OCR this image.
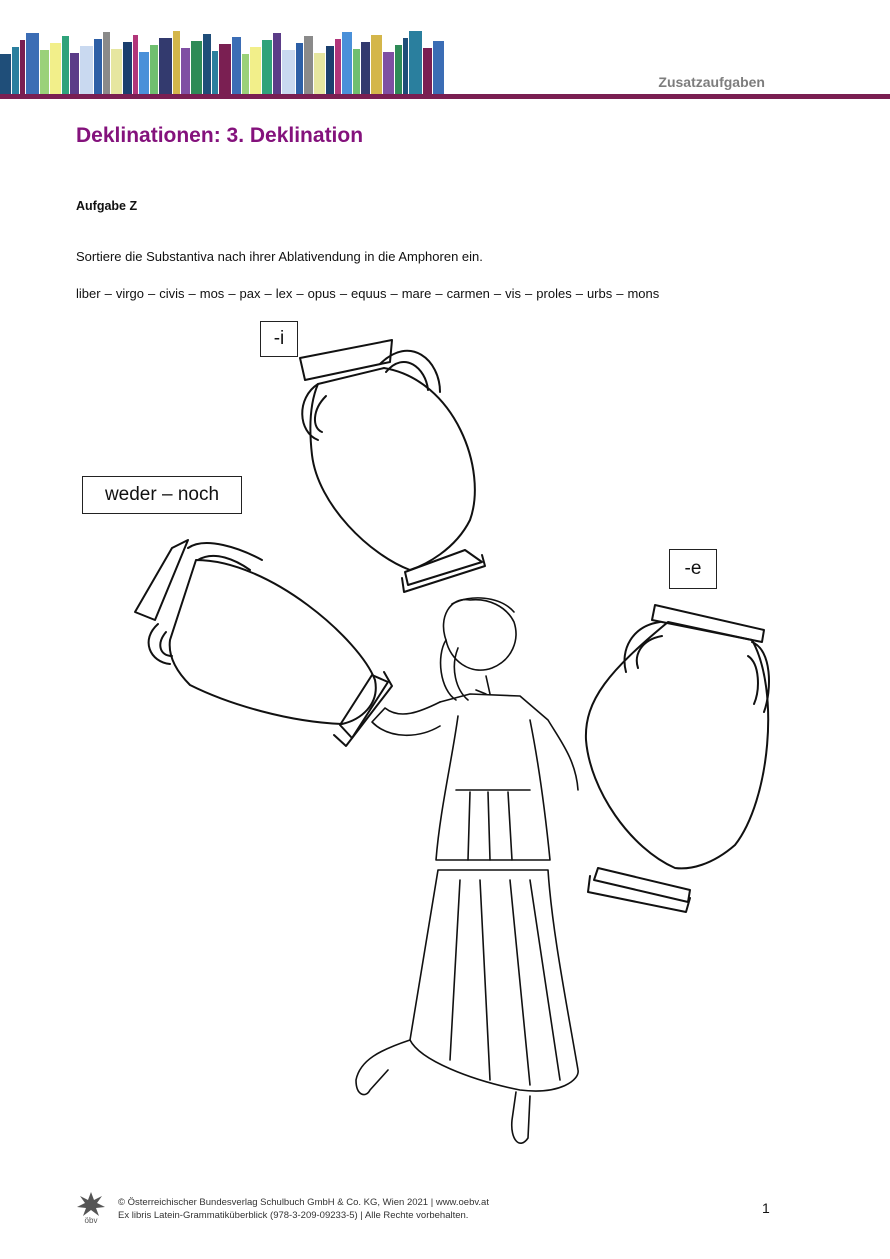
Zusatzaufgaben
Deklinationen: 3. Deklination
Aufgabe Z
Sortiere die Substantiva nach ihrer Ablativendung in die Amphoren ein.
liber – virgo – civis – mos – pax – lex – opus – equus – mare – carmen – vis – proles – urbs – mons
-i
weder – noch
-e
öbv
© Österreichischer Bundesverlag Schulbuch GmbH & Co. KG, Wien 2021 | www.oebv.at
Ex libris Latein-Grammatiküberblick (978-3-209-09233-5) | Alle Rechte vorbehalten.	1
